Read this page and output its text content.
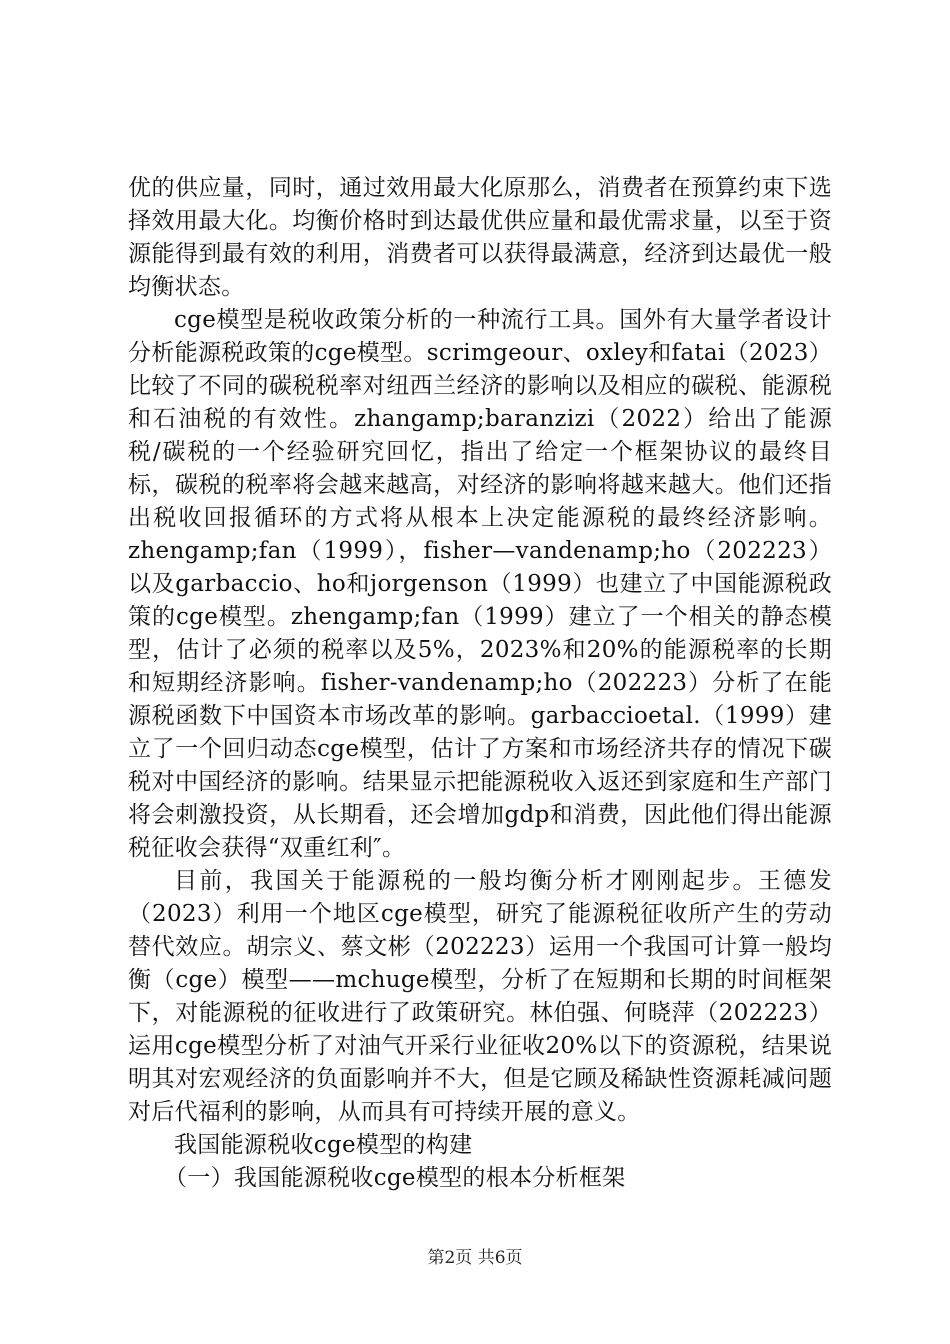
优的供应量，同时，通过效用最大化原那么，消费者在预算约束下选择效用最大化。均衡价格时到达最优供应量和最优需求量，以至于资源能得到最有效的利用，消费者可以获得最满意，经济到达最优一般均衡状态。

cge模型是税收政策分析的一种流行工具。国外有大量学者设计分析能源税政策的cge模型。scrimgeour、oxley和fatai（2023）比较了不同的碳税税率对纽西兰经济的影响以及相应的碳税、能源税和石油税的有效性。zhangamp;baranzizi（2022）给出了能源税/碳税的一个经验研究回忆，指出了给定一个框架协议的最终目标，碳税的税率将会越来越高，对经济的影响将越来越大。他们还指出税收回报循环的方式将从根本上决定能源税的最终经济影响。zhengamp;fan（1999），fisher—vandenamp;ho（202223）以及garbaccio、ho和jorgenson（1999）也建立了中国能源税政策的cge模型。zhengamp;fan（1999）建立了一个相关的静态模型，估计了必须的税率以及5%，2023%和20%的能源税率的长期和短期经济影响。fisher-vandenamp;ho（202223）分析了在能源税函数下中国资本市场改革的影响。garbaccioetal.（1999）建立了一个回归动态cge模型，估计了方案和市场经济共存的情况下碳税对中国经济的影响。结果显示把能源税收入返还到家庭和生产部门将会刺激投资，从长期看，还会增加gdp和消费，因此他们得出能源税征收会获得“双重红利″。

目前，我国关于能源税的一般均衡分析才刚刚起步。王德发（2023）利用一个地区cge模型，研究了能源税征收所产生的劳动替代效应。胡宗义、蔡文彬（202223）运用一个我国可计算一般均衡（cge）模型——mchuge模型，分析了在短期和长期的时间框架下，对能源税的征收进行了政策研究。林伯强、何晓萍（202223）运用cge模型分析了对油气开采行业征收20%以下的资源税，结果说明其对宏观经济的负面影响并不大，但是它顾及稀缺性资源耗减问题对后代福利的影响，从而具有可持续开展的意义。

我国能源税收cge模型的构建
（一）我国能源税收cge模型的根本分析框架
第2页 共6页
